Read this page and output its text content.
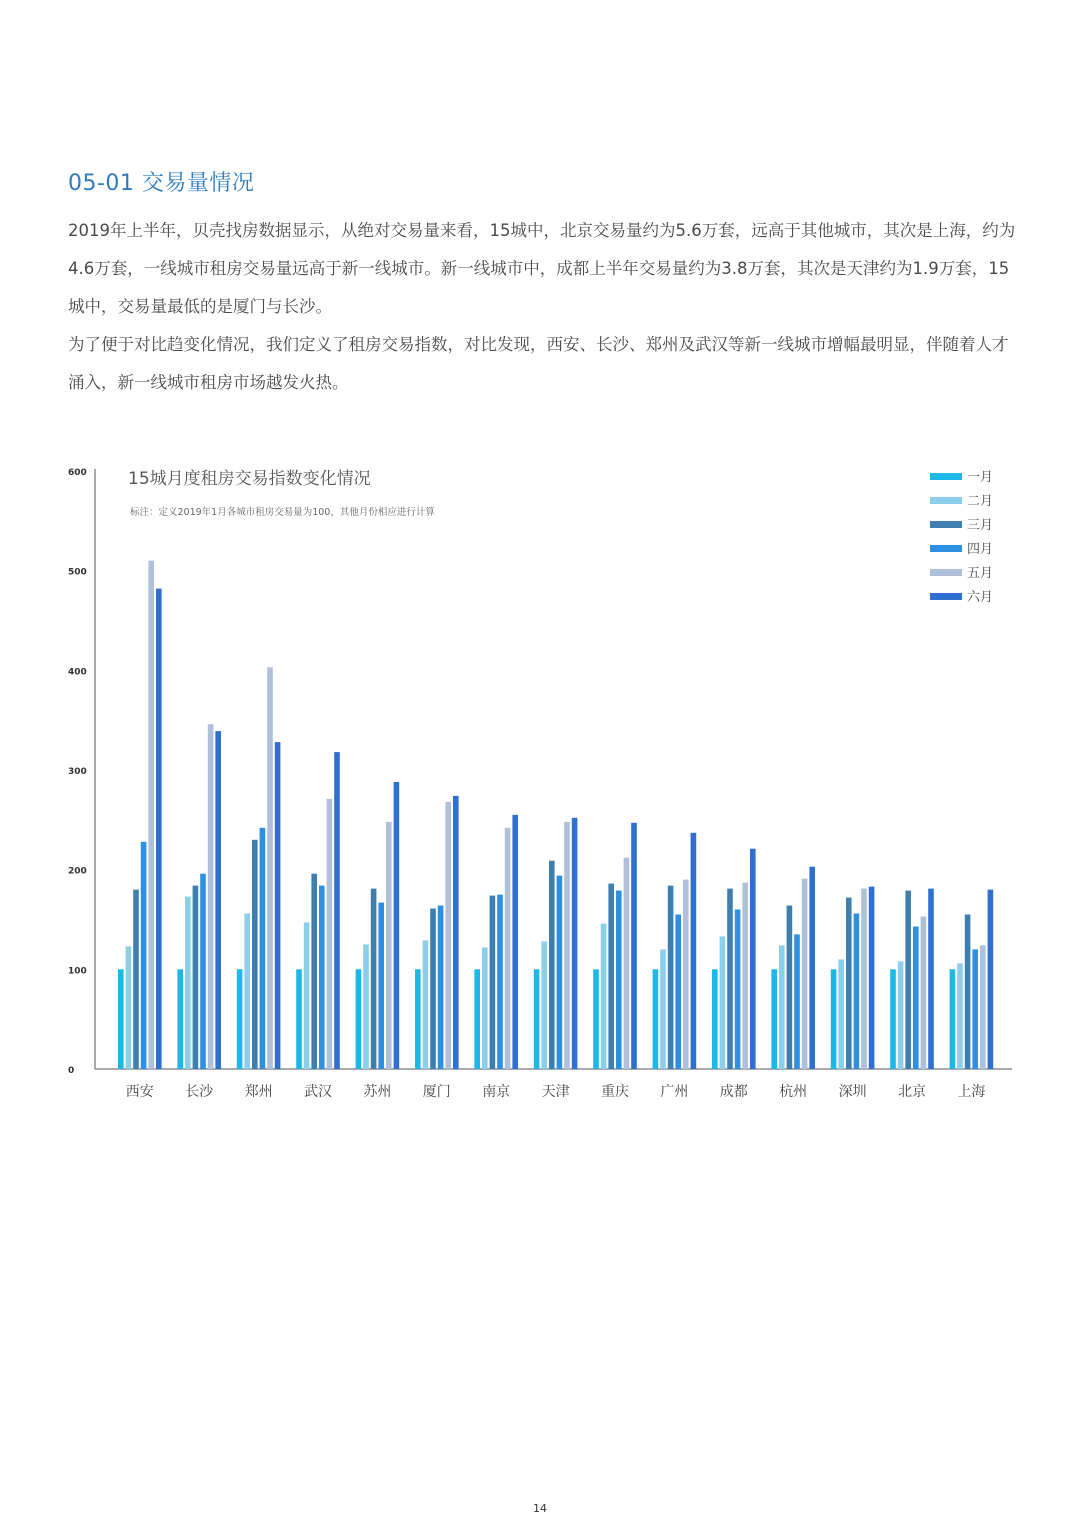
05-01 交易量情况

2019年上半年，贝壳找房数据显示，从绝对交易量来看，15城中，北京交易量约为5.6万套，远高于其他城市，其次是上海，约为4.6万套，一线城市租房交易量远高于新一线城市。新一线城市中，成都上半年交易量约为3.8万套，其次是天津约为1.9万套，15城中，交易量最低的是厦门与长沙。

为了便于对比趋变化情况，我们定义了租房交易指数，对比发现，西安、长沙、郑州及武汉等新一线城市增幅最明显，伴随着人才涌入，新一线城市租房市场越发火热。

西安 长沙 郑州 武汉 苏州 厦门 南京 天津 重庆 广州 成都 杭州 深圳 北京 上海
0
100
200
300
400
500
600 15城月度租房交易指数变化情况
标注：定义2019年1月各城市租房交易量为100，其他月份相应进行计算
一月
二月
三月
四月
五月
六月
14
